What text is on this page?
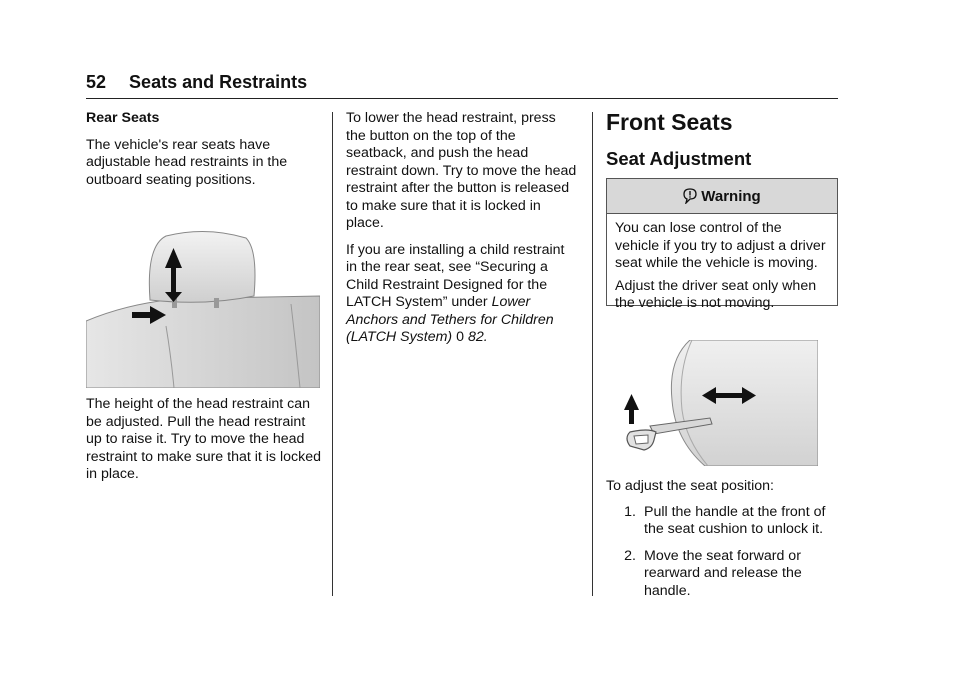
52 Seats and Restraints
Rear Seats

The vehicle's rear seats have adjustable head restraints in the outboard seating positions.

The height of the head restraint can be adjusted. Pull the head restraint up to raise it. Try to move the head restraint to make sure that it is locked in place.

To lower the head restraint, press the button on the top of the seatback, and push the head restraint down. Try to move the head restraint after the button is released to make sure that it is locked in place.

If you are installing a child restraint in the rear seat, see “Securing a Child Restraint Designed for the LATCH System” under Lower Anchors and Tethers for Children (LATCH System) 0 82.

Front Seats
Seat Adjustment
Warning

You can lose control of the vehicle if you try to adjust a driver seat while the vehicle is moving.

Adjust the driver seat only when the vehicle is not moving.

To adjust the seat position:

1. Pull the handle at the front of the seat cushion to unlock it.
2. Move the seat forward or rearward and release the handle.
